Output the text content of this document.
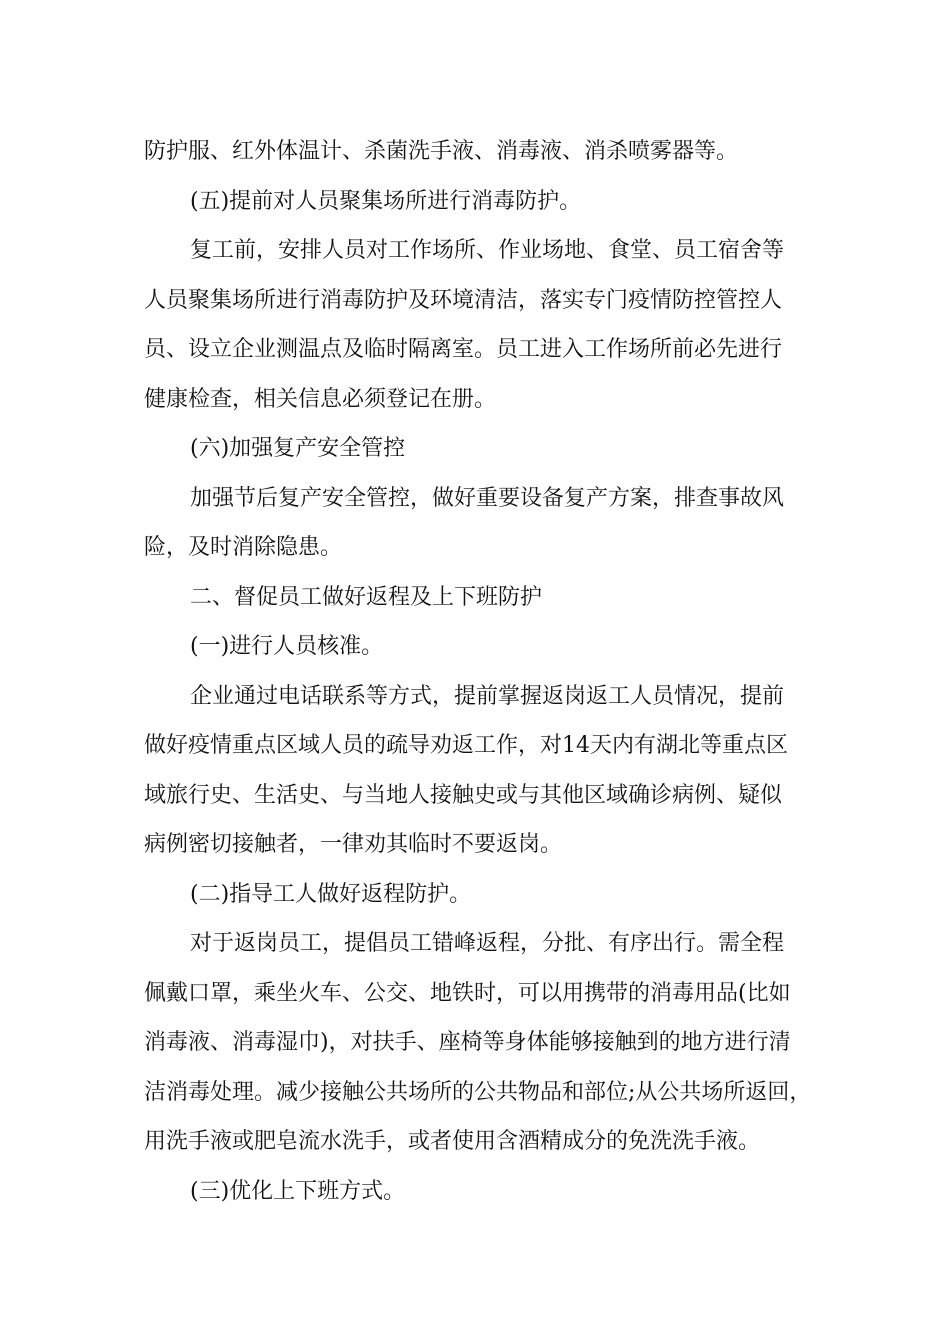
防护服、红外体温计、杀菌洗手液、消毒液、消杀喷雾器等。
(五)提前对人员聚集场所进行消毒防护。
复工前，安排人员对工作场所、作业场地、食堂、员工宿舍等
人员聚集场所进行消毒防护及环境清洁，落实专门疫情防控管控人
员、设立企业测温点及临时隔离室。员工进入工作场所前必先进行
健康检查，相关信息必须登记在册。
(六)加强复产安全管控
加强节后复产安全管控，做好重要设备复产方案，排查事故风
险，及时消除隐患。
二、督促员工做好返程及上下班防护
(一)进行人员核准。
企业通过电话联系等方式，提前掌握返岗返工人员情况，提前
做好疫情重点区域人员的疏导劝返工作，对14天内有湖北等重点区
域旅行史、生活史、与当地人接触史或与其他区域确诊病例、疑似
病例密切接触者，一律劝其临时不要返岗。
(二)指导工人做好返程防护。
对于返岗员工，提倡员工错峰返程，分批、有序出行。需全程
佩戴口罩，乘坐火车、公交、地铁时，可以用携带的消毒用品(比如
消毒液、消毒湿巾)，对扶手、座椅等身体能够接触到的地方进行清
洁消毒处理。减少接触公共场所的公共物品和部位;从公共场所返回，
用洗手液或肥皂流水洗手，或者使用含酒精成分的免洗洗手液。
(三)优化上下班方式。
